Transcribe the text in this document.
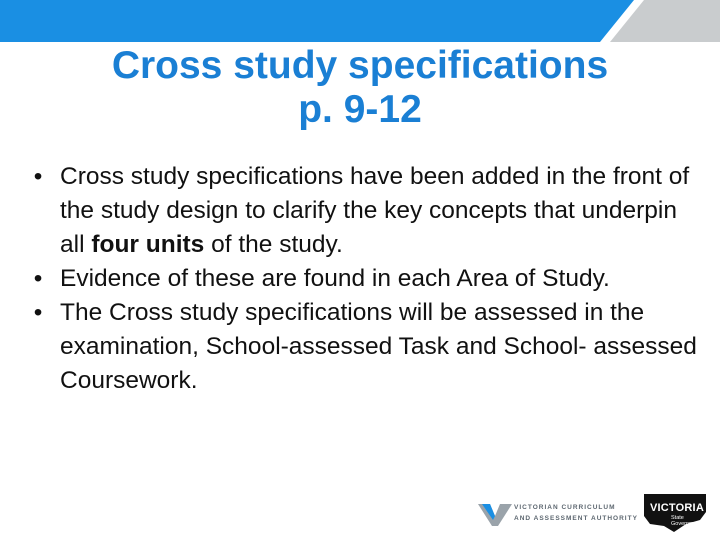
Cross study specifications
p. 9-12
• Cross study specifications have been added in the front of the study design to clarify the key concepts that underpin all four units of the study.
• Evidence of these are found in each Area of Study.
• The Cross study specifications will be assessed in the examination, School-assessed Task and School- assessed Coursework.
VICTORIAN CURRICULUM
AND ASSESSMENT AUTHORITY
VICTORIA
State
Government
